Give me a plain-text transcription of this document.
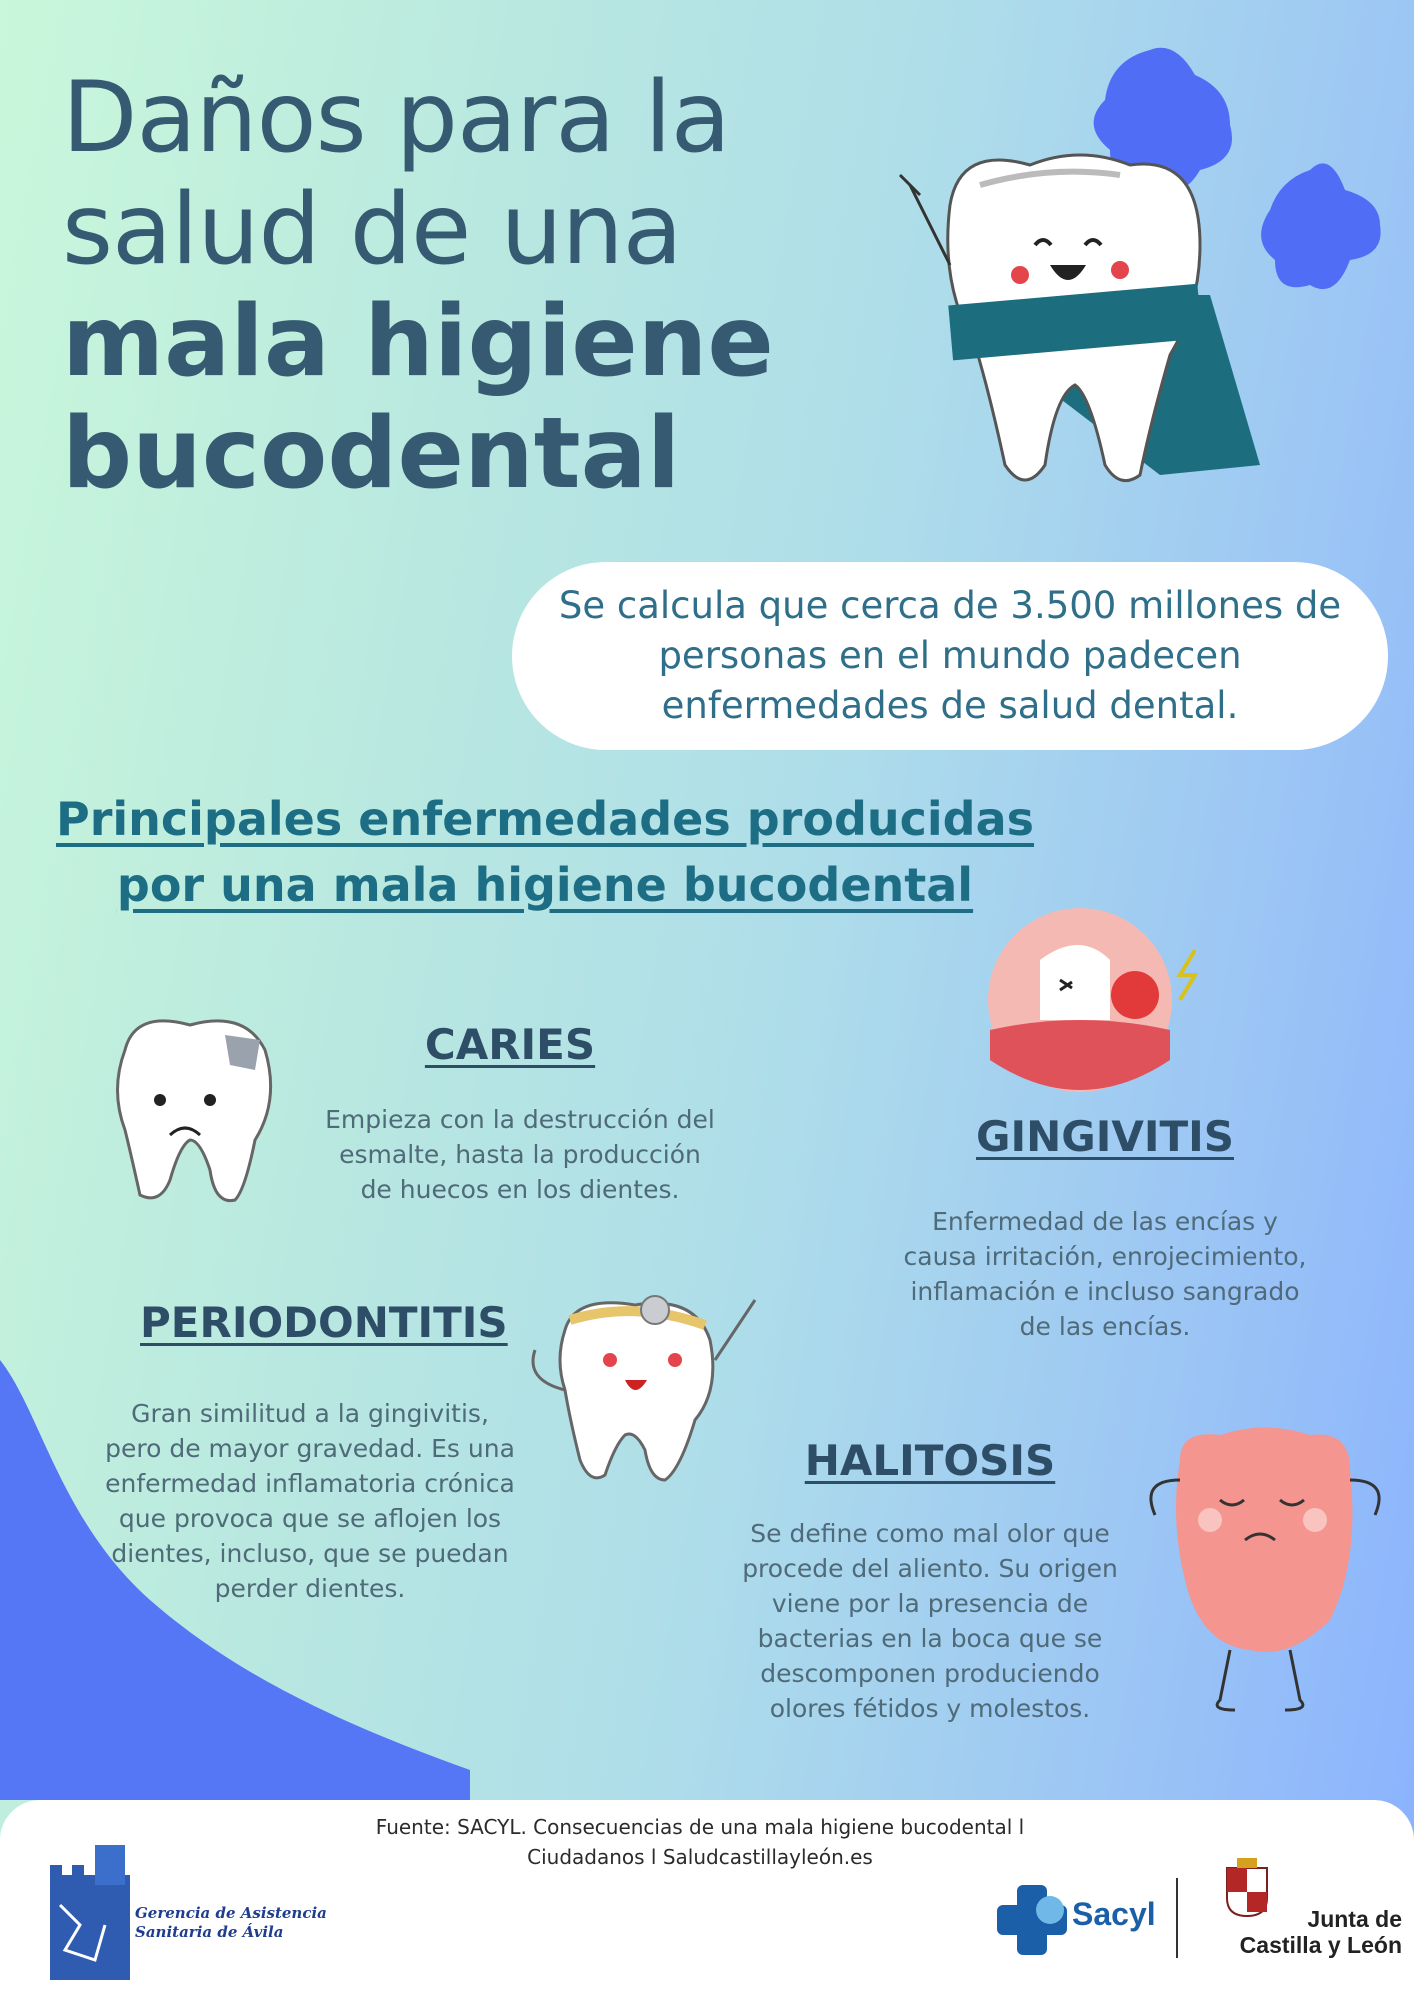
Daños para la
salud de una
mala higiene
bucodental
Se calcula que cerca de 3.500 millones de personas en el mundo padecen enfermedades de salud dental.
Principales enfermedades producidas
por una mala higiene bucodental
CARIES
Empieza con la destrucción del esmalte, hasta la producción de huecos en los dientes.
GINGIVITIS
Enfermedad de las encías y causa irritación, enrojecimiento, inflamación e incluso sangrado de las encías.
PERIODONTITIS
Gran similitud a la gingivitis, pero de mayor gravedad. Es una enfermedad inflamatoria crónica que provoca que se aflojen los dientes, incluso, que se puedan perder dientes.
HALITOSIS
Se define como mal olor que procede del aliento. Su origen viene por la presencia de bacterias en la boca que se descomponen produciendo olores fétidos y molestos.
Fuente: SACYL. Consecuencias de una mala higiene bucodental l Ciudadanos l Saludcastillayleón.es
Gerencia de Asistencia
Sanitaria de Ávila	Sacyl	Junta de
Castilla y León
